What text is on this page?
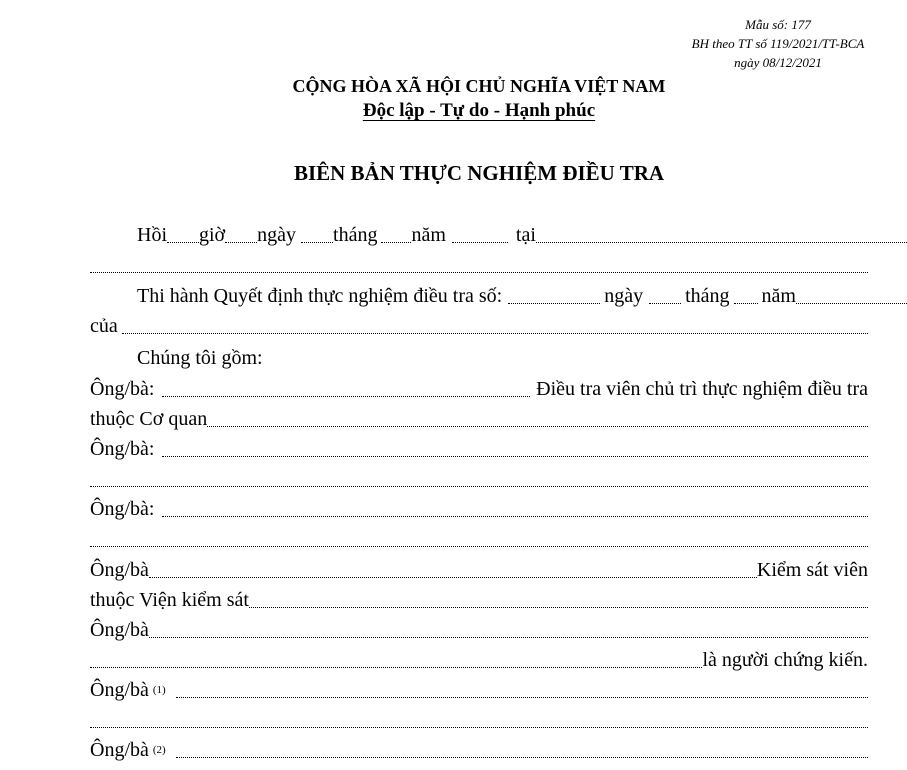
Mẫu số: 177
BH theo TT số 119/2021/TT-BCA
ngày 08/12/2021
CỘNG HÒA XÃ HỘI CHỦ NGHĨA VIỆT NAM
Độc lập - Tự do - Hạnh phúc
BIÊN BẢN THỰC NGHIỆM ĐIỀU TRA
Hồi giờ ngày tháng năm	tại
Thi hành Quyết định thực nghiệm điều tra số:	ngày tháng năm
của
Chúng tôi gồm:
Ông/bà:	Điều tra viên chủ trì thực nghiệm điều tra
thuộc Cơ quan
Ông/bà:
Ông/bà:
Ông/bà	Kiểm sát viên
thuộc Viện kiểm sát
Ông/bà
là người chứng kiến.
Ông/bà (1)
Ông/bà (2)
